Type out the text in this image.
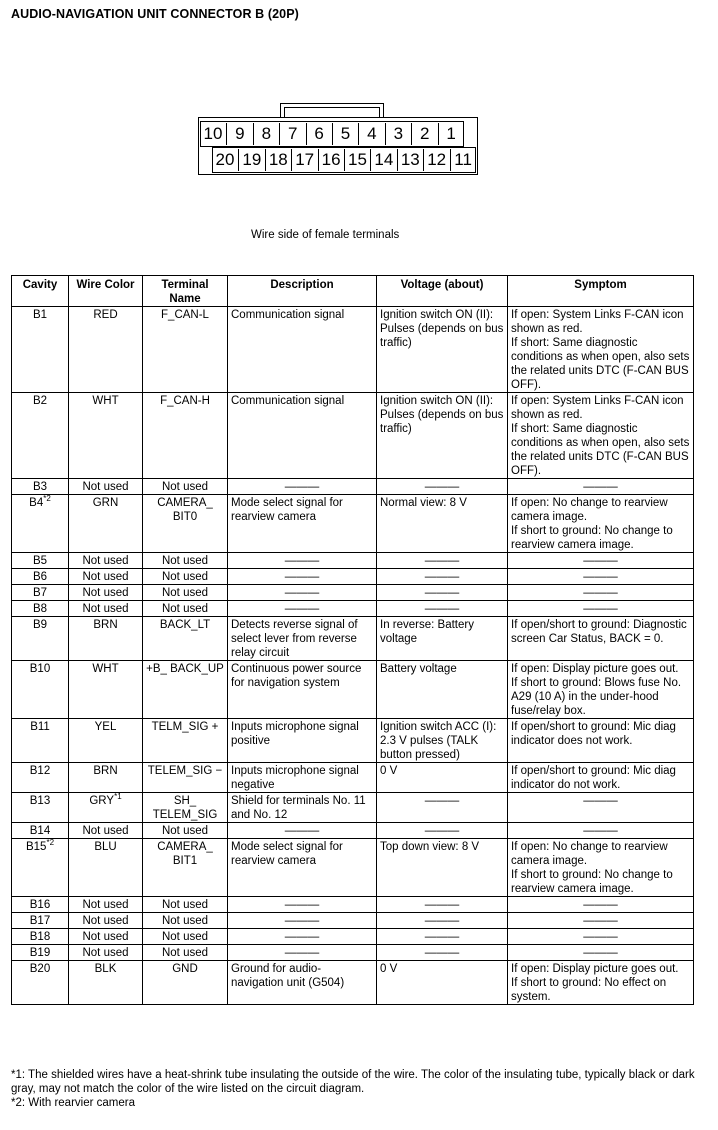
AUDIO-NAVIGATION UNIT CONNECTOR B (20P)
10 9 8 7 6 5 4 3 2 1
20 19 18 17 16 15 14 13 12 11
Wire side of female terminals
Cavity	Wire Color	Terminal Name	Description	Voltage (about)	Symptom
B1	RED	F_CAN-L	Communication signal	Ignition switch ON (II): Pulses (depends on bus traffic)	If open: System Links F-CAN icon shown as red.
If short: Same diagnostic conditions as when open, also sets the related units DTC (F-CAN BUS OFF).
B2	WHT	F_CAN-H	Communication signal	Ignition switch ON (II): Pulses (depends on bus traffic)	If open: System Links F-CAN icon shown as red.
If short: Same diagnostic conditions as when open, also sets the related units DTC (F-CAN BUS OFF).
B3	Not used	Not used	———	———	———
B4$^{*2}$	GRN	CAMERA_ BIT0	Mode select signal for rearview camera	Normal view: 8 V	If open: No change to rearview camera image.
If short to ground: No change to rearview camera image.
B5	Not used	Not used	———	———	———
B6	Not used	Not used	———	———	———
B7	Not used	Not used	———	———	———
B8	Not used	Not used	———	———	———
B9	BRN	BACK_LT	Detects reverse signal of select lever from reverse relay circuit	In reverse: Battery voltage	If open/short to ground: Diagnostic screen Car Status, BACK = 0.
B10	WHT	+B_ BACK_UP	Continuous power source for navigation system	Battery voltage	If open: Display picture goes out.
If short to ground: Blows fuse No. A29 (10 A) in the under-hood fuse/relay box.
B11	YEL	TELM_SIG +	Inputs microphone signal positive	Ignition switch ACC (I): 2.3 V pulses (TALK button pressed)	If open/short to ground: Mic diag indicator does not work.
B12	BRN	TELEM_SIG −	Inputs microphone signal negative	0 V	If open/short to ground: Mic diag indicator do not work.
B13	GRY$^{*1}$	SH_ TELEM_SIG	Shield for terminals No. 11 and No. 12	———	———
B14	Not used	Not used	———	———	———
B15$^{*2}$	BLU	CAMERA_ BIT1	Mode select signal for rearview camera	Top down view: 8 V	If open: No change to rearview camera image.
If short to ground: No change to rearview camera image.
B16	Not used	Not used	———	———	———
B17	Not used	Not used	———	———	———
B18	Not used	Not used	———	———	———
B19	Not used	Not used	———	———	———
B20	BLK	GND	Ground for audio-navigation unit (G504)	0 V	If open: Display picture goes out.
If short to ground: No effect on system.
*1: The shielded wires have a heat-shrink tube insulating the outside of the wire. The color of the insulating tube, typically black or dark gray, may not match the color of the wire listed on the circuit diagram.
*2: With rearvier camera
